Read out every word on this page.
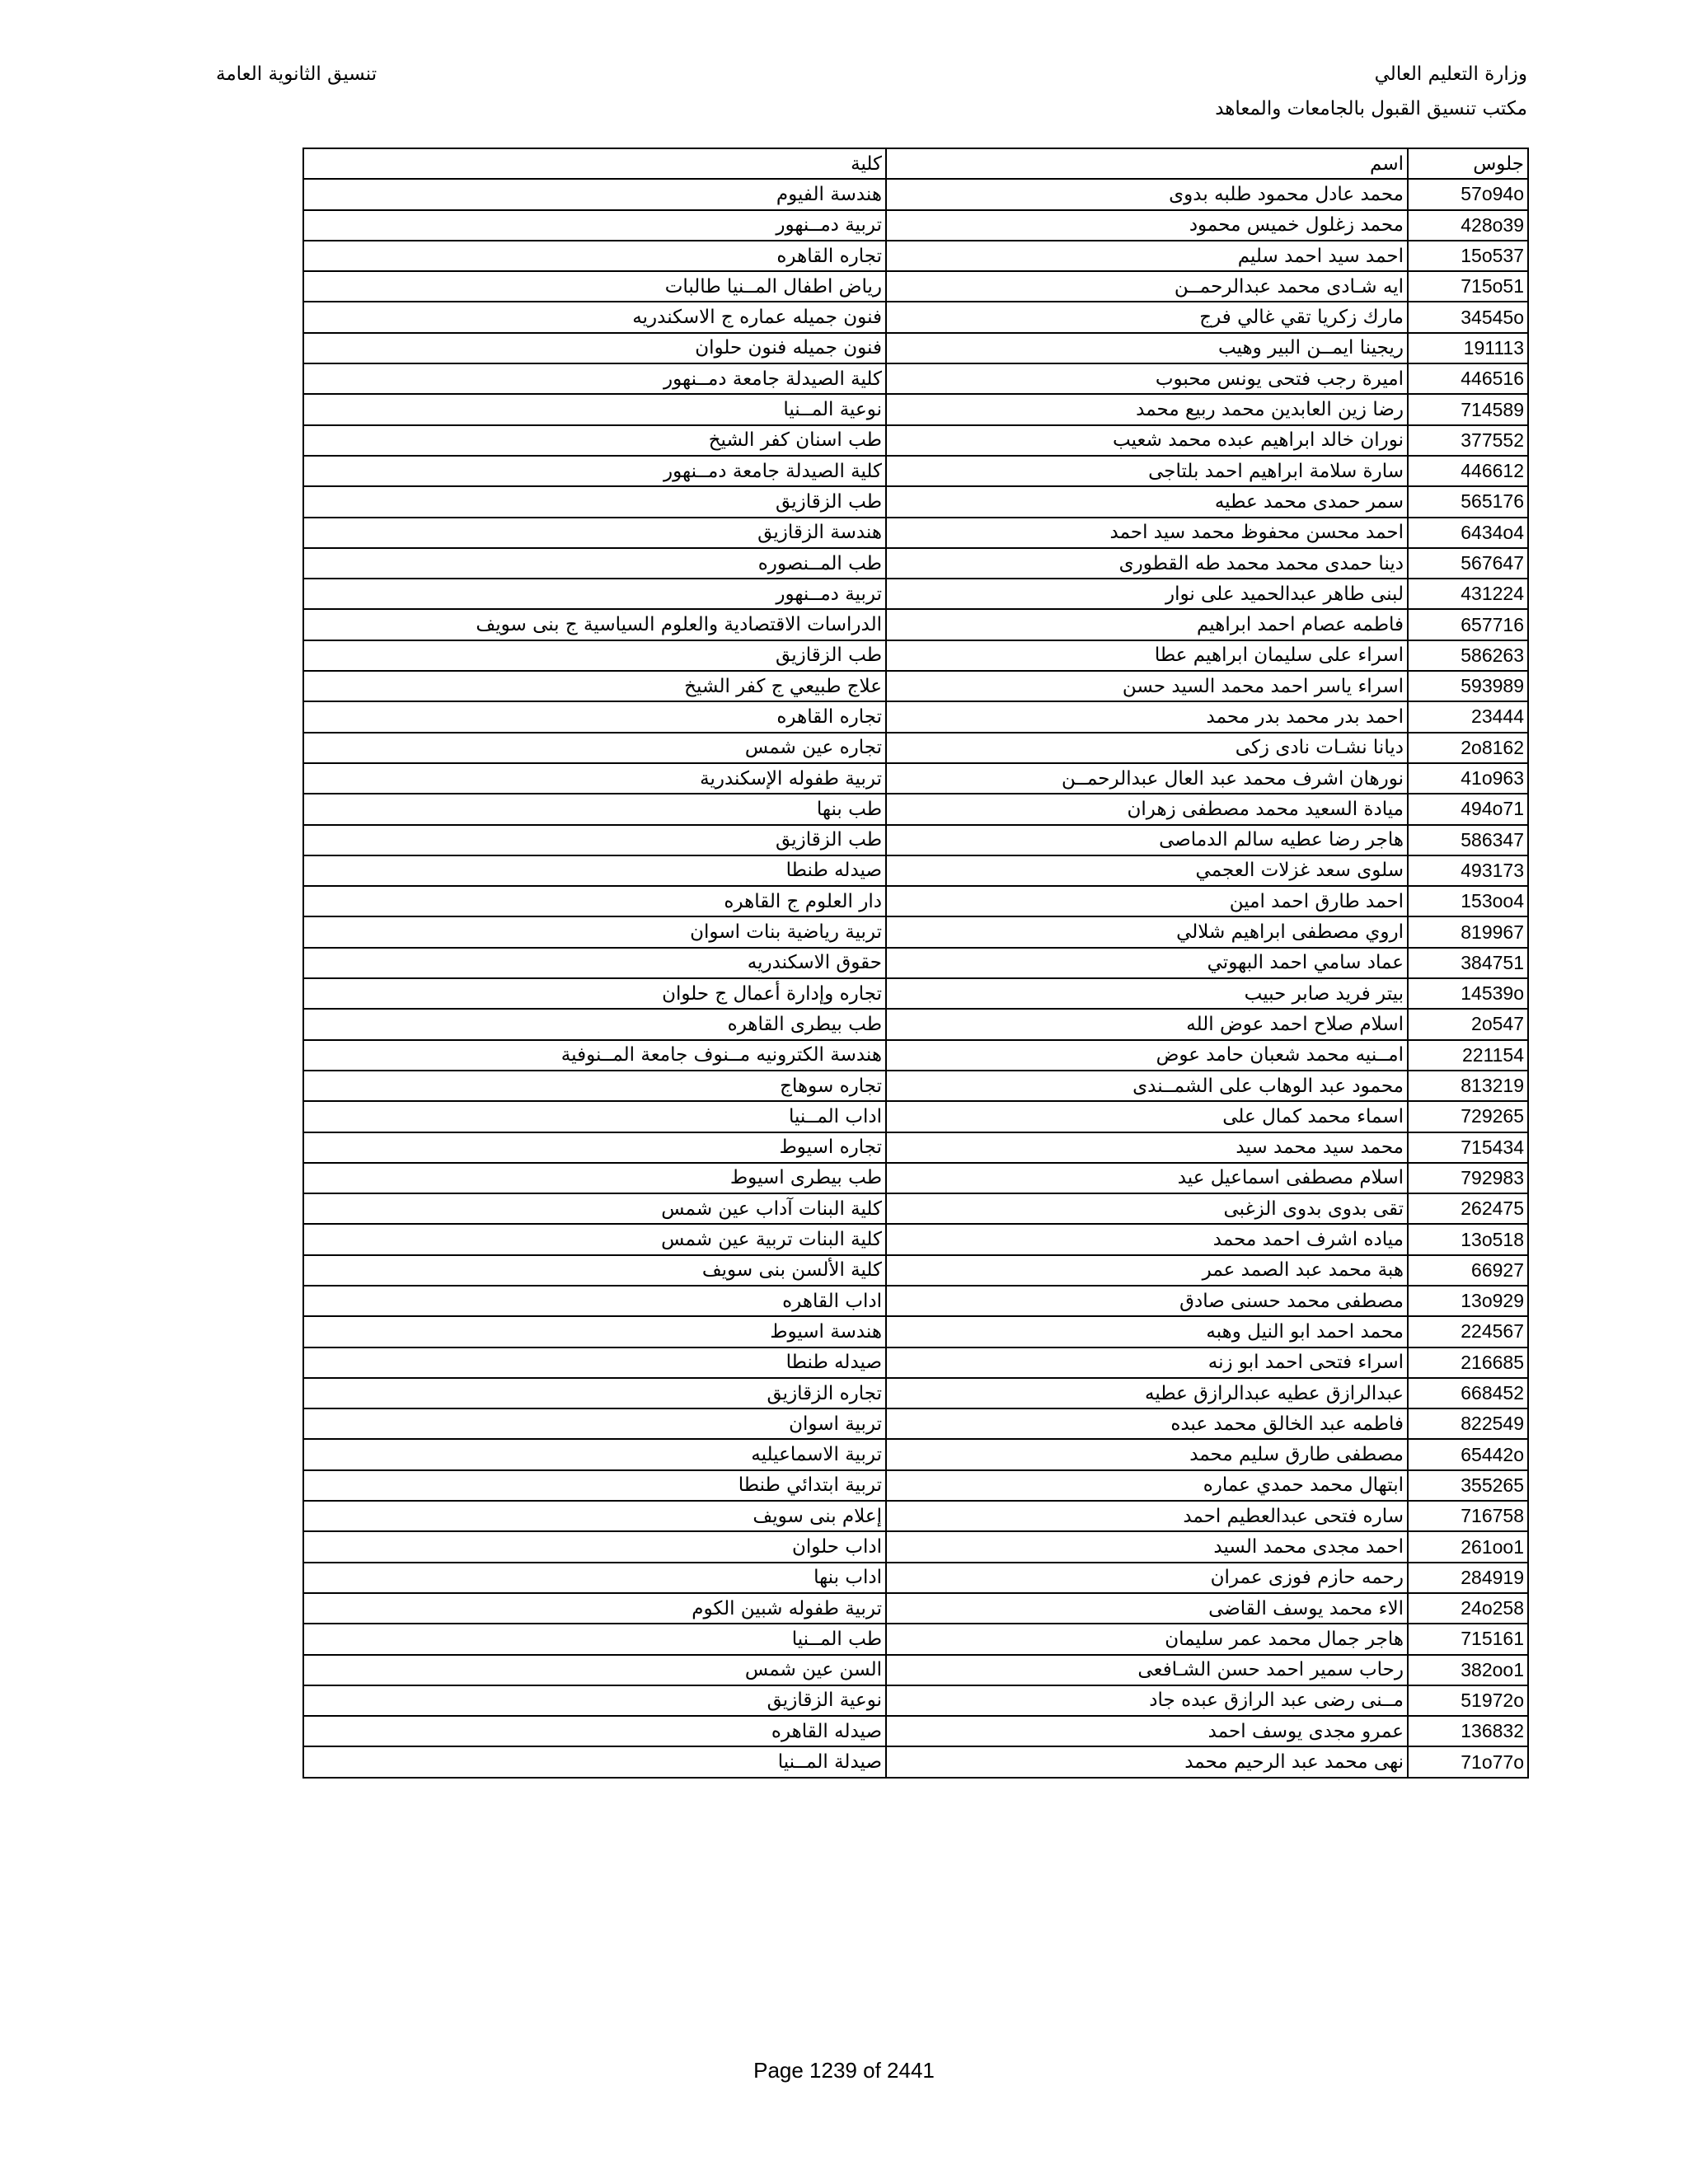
وزارة التعليم العالي
مكتب تنسيق القبول بالجامعات والمعاهد
تنسيق الثانوية العامة
جلوس	اسم	كلية
57o94o	محمد عادل محمود طلبه بدوى	هندسة الفيوم
428o39	محمد زغلول خميس محمود	تربية دمــنهور
15o537	احمد سيد احمد سليم	تجاره القاهره
715o51	ايه شـادى محمد عبدالرحمــن	رياض اطفال المــنيا طالبات
34545o	مارك زكريا تقي غالي فرج	فنون جميله عماره ج الاسكندريه
191113	ريجينا ايمــن البير وهيب	فنون جميله فنون حلوان
446516	اميرة رجب فتحى يونس محبوب	كلية الصيدلة جامعة دمــنهور
714589	رضا زين العابدين محمد ربيع محمد	نوعية المــنيا
377552	نوران خالد ابراهيم عبده محمد شعيب	طب اسنان كفر الشيخ
446612	سارة سلامة ابراهيم احمد بلتاجى	كلية الصيدلة جامعة دمــنهور
565176	سمر حمدى محمد عطيه	طب الزقازيق
6434o4	احمد محسن محفوظ محمد سيد احمد	هندسة الزقازيق
567647	دينا حمدى محمد محمد طه القطورى	طب المــنصوره
431224	لبنى طاهر عبدالحميد على نوار	تربية دمــنهور
657716	فاطمه عصام احمد ابراهيم	الدراسات الاقتصادية والعلوم السياسية ج بنى سويف
586263	اسراء على سليمان ابراهيم عطا	طب الزقازيق
593989	اسراء ياسر احمد محمد السيد حسن	علاج طبيعي ج كفر الشيخ
23444	احمد بدر محمد بدر محمد	تجاره القاهره
2o8162	ديانا نشـات نادى زكى	تجاره عين شمس
41o963	نورهان اشرف محمد عبد العال عبدالرحمــن	تربية طفوله الإسكندرية
494o71	ميادة السعيد محمد مصطفى زهران	طب بنها
586347	هاجر رضا عطيه سالم الدماصى	طب الزقازيق
493173	سلوى سعد غزلات العجمي	صيدله طنطا
153oo4	احمد طارق احمد امين	دار العلوم ج القاهره
819967	اروي مصطفى ابراهيم شلالي	تربية رياضية بنات اسوان
384751	عماد سامي احمد البهوتي	حقوق الاسكندريه
14539o	بيتر فريد صابر حبيب	تجاره وإدارة أعمال ج حلوان
2o547	اسلام صلاح احمد عوض الله	طب بيطرى القاهره
221154	امــنيه محمد شعبان حامد عوض	هندسة الكترونيه مــنوف جامعة المــنوفية
813219	محمود عبد الوهاب على الشمــندى	تجاره سوهاج
729265	اسماء محمد كمال على	اداب المــنيا
715434	محمد سيد محمد سيد	تجاره اسيوط
792983	اسلام مصطفى اسماعيل عيد	طب بيطرى اسيوط
262475	تقى بدوى بدوى الزغبى	كلية البنات آداب عين شمس
13o518	مياده اشرف احمد محمد	كلية البنات تربية عين شمس
66927	هبة محمد عبد الصمد عمر	كلية الألسن بنى سويف
13o929	مصطفى محمد حسنى صادق	اداب القاهره
224567	محمد احمد ابو النيل وهبه	هندسة اسيوط
216685	اسراء فتحى احمد ابو زنه	صيدله طنطا
668452	عبدالرازق عطيه عبدالرازق عطيه	تجاره الزقازيق
822549	فاطمه عبد الخالق محمد عبده	تربية اسوان
65442o	مصطفى طارق سليم محمد	تربية الاسماعيليه
355265	ابتهال محمد حمدي عماره	تربية ابتدائي طنطا
716758	ساره فتحى عبدالعطيم احمد	إعلام بنى سويف
261oo1	احمد مجدى محمد السيد	اداب حلوان
284919	رحمه حازم فوزى عمران	اداب بنها
24o258	الاء محمد يوسف القاضى	تربية طفوله شبين الكوم
715161	هاجر جمال محمد عمر سليمان	طب المــنيا
382oo1	رحاب سمير احمد حسن الشـافعى	السن عين شمس
51972o	مــنى رضى عبد الرازق عبده جاد	نوعية الزقازيق
136832	عمرو مجدى يوسف احمد	صيدله القاهره
71o77o	نهى محمد عبد الرحيم محمد	صيدلة المــنيا
Page 1239 of 2441
